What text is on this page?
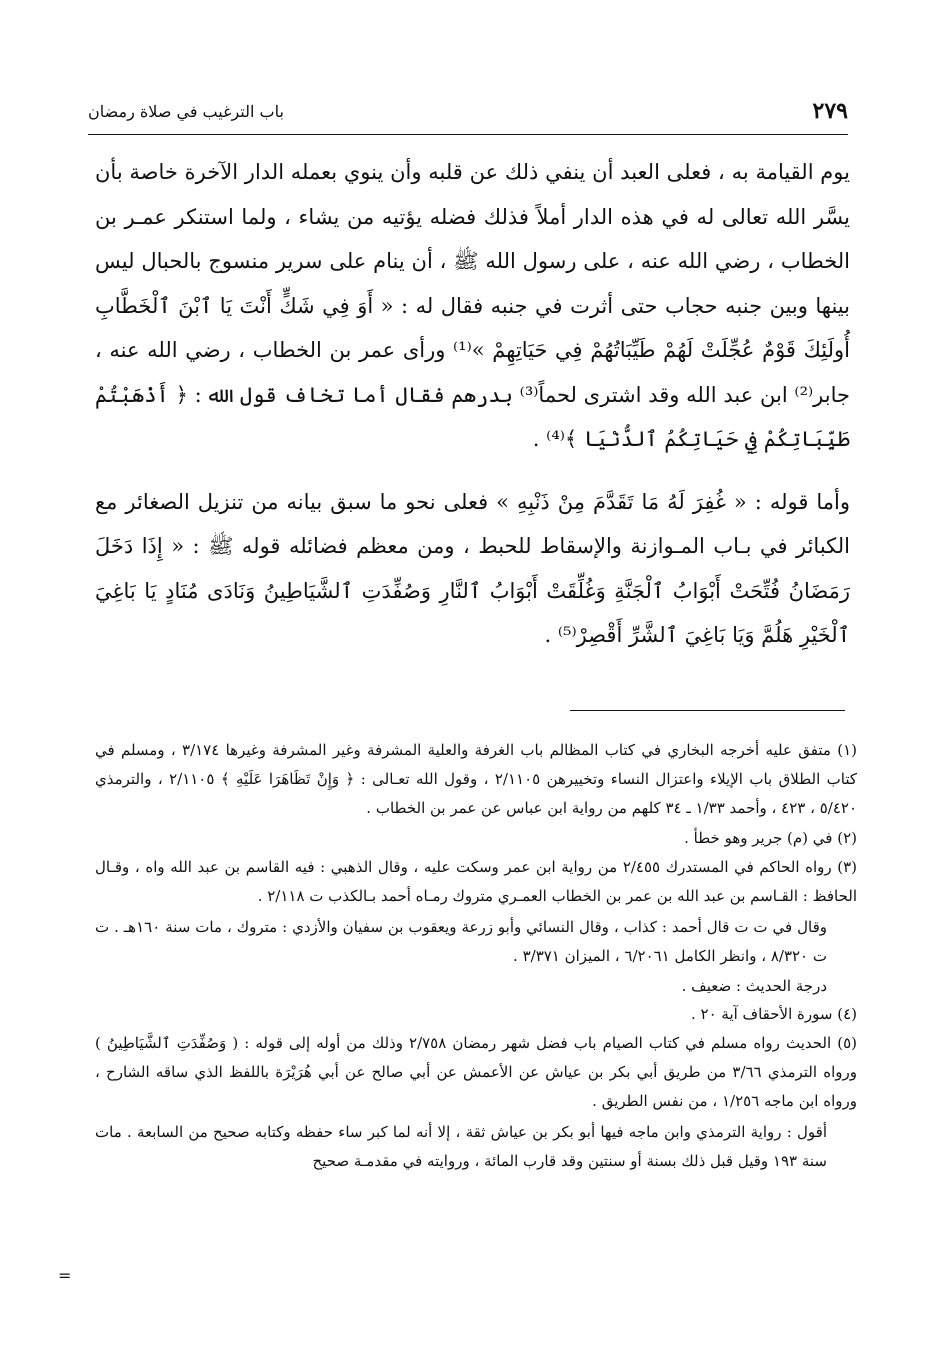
٢٧٩
باب الترغيب في صلاة رمضان

يوم القيامة به ، فعلى العبد أن ينفي ذلك عن قلبه وأن ينوي بعمله الدار الآخرة خاصة بأن يسَّر الله تعالى له في هذه الدار أملاً فذلك فضله يؤتيه من يشاء ، ولما استنكر عمـر بن الخطاب ، رضي الله عنه ، على رسول الله ﷺ ، أن ينام على سرير منسوج بالحبال ليس بينها وبين جنبه حجاب حتى أثرت في جنبه فقال له : « أَوَ فِي شَكٍّ أَنْتَ يَا ٱبْنَ ٱلْخَطَّابِ أُولَئِكَ قَوْمٌ عُجِّلَتْ لَهُمْ طَيِّبَاتُهُمْ فِي حَيَاتِهِمْ »⁽¹⁾ ورأى عمر بن الخطاب ، رضي الله عنه ، جابر⁽²⁾ ابن عبد الله وقد اشترى لحماً⁽³⁾ بدرهم فقال أما تخاف قول الله : ﴿ أَذْهَبْتُمْ طَيِّبَاتِكُمْ فِي حَيَاتِكُمُ ٱلدُّنْيَا ﴾⁽⁴⁾ .

وأما قوله : « غُفِرَ لَهُ مَا تَقَدَّمَ مِنْ ذَنْبِهِ » فعلى نحو ما سبق بيانه من تنزيل الصغائر مع الكبائر في بـاب المـوازنة والإسقاط للحبط ، ومن معظم فضائله قوله ﷺ : « إِذَا دَخَلَ رَمَضَانُ فُتِّحَتْ أَبْوَابُ ٱلْجَنَّةِ وَغُلِّقَتْ أَبْوَابُ ٱلنَّارِ وَصُفِّدَتِ ٱلشَّيَاطِينُ وَنَادَى مُنَادٍ يَا بَاغِيَ ٱلْخَيْرِ هَلُمَّ وَيَا بَاغِيَ ٱلشَّرِّ أَقْصِرْ⁽⁵⁾ .

(١) متفق عليه أخرجه البخاري في كتاب المظالم باب الغرفة والعلية المشرفة وغير المشرفة وغيرها ٣/١٧٤ ، ومسلم في كتاب الطلاق باب الإيلاء واعتزال النساء وتخييرهن ٢/١١٠٥ ، وقول الله تعـالى : ﴿ وَإِنْ تَظَاهَرَا عَلَيْهِ ﴾ ٢/١١٠٥ ، والترمذي ٥/٤٢٠ ، ٤٢٣ ، وأحمد ١/٣٣ ـ ٣٤ كلهم من رواية ابن عباس عن عمر بن الخطاب .

(٢) في (م) جرير وهو خطأ .

(٣) رواه الحاكم في المستدرك ٢/٤٥٥ من رواية ابن عمر وسكت عليه ، وقال الذهبي : فيه القاسم بن عبد الله واه ، وقـال الحافظ : القـاسم بن عبد الله بن عمر بن الخطاب العمـري متروك رمـاه أحمد بـالكذب ت ٢/١١٨ .

وقال في ت ت قال أحمد : كذاب ، وقال النسائي وأبو زرعة ويعقوب بن سفيان والأزدي : متروك ، مات سنة ١٦٠هـ . ت ت ٨/٣٢٠ ، وانظر الكامل ٦/٢٠٦١ ، الميزان ٣/٣٧١ .

درجة الحديث : ضعيف .

(٤) سورة الأحقاف آية ٢٠ .

(٥) الحديث رواه مسلم في كتاب الصيام باب فضل شهر رمضان ٢/٧٥٨ وذلك من أوله إلى قوله : ( وَصُفِّدَتِ ٱلشَّيَاطِينُ ) ورواه الترمذي ٣/٦٦ من طريق أبي بكر بن عياش عن الأعمش عن أبي صالح عن أبي هُرَيْرَة باللفظ الذي ساقه الشارح ، ورواه ابن ماجه ١/٢٥٦ ، من نفس الطريق .

أقول : رواية الترمذي وابن ماجه فيها أبو بكر بن عياش ثقة ، إلا أنه لما كبر ساء حفظه وكتابه صحيح من السابعة . مات سنة ١٩٣ وقيل قبل ذلك بسنة أو سنتين وقد قارب المائة ، وروايته في مقدمـة صحيح

=
